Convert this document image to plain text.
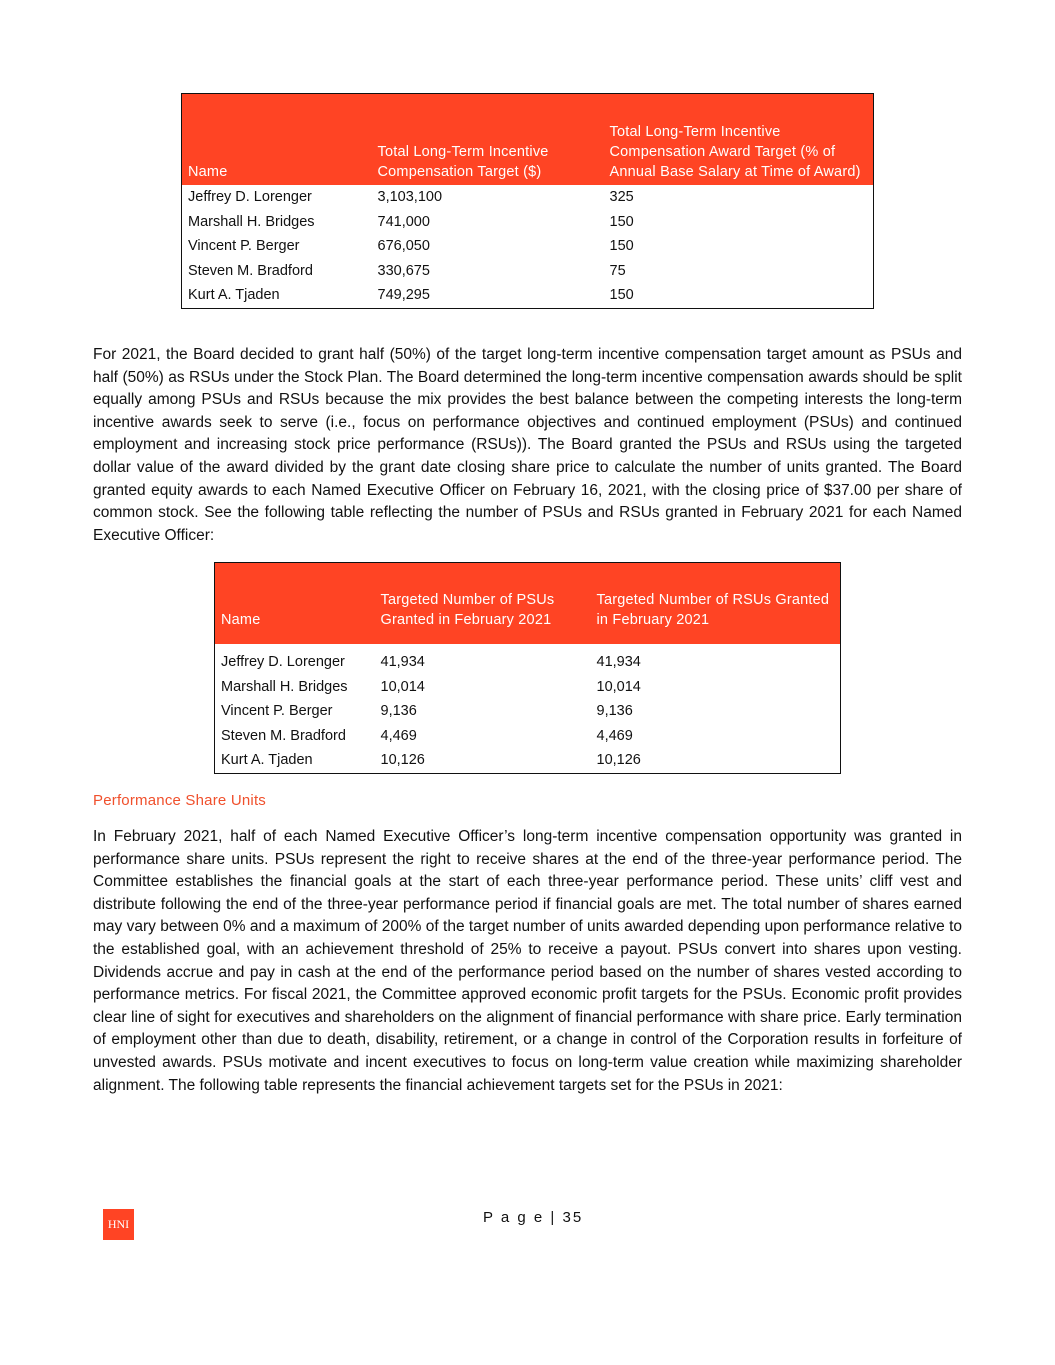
Name	Total Long-Term Incentive Compensation Target ($)	Total Long-Term Incentive Compensation Award Target (% of Annual Base Salary at Time of Award)
Jeffrey D. Lorenger	3,103,100	325
Marshall H. Bridges	741,000	150
Vincent P. Berger	676,050	150
Steven M. Bradford	330,675	75
Kurt A. Tjaden	749,295	150

For 2021, the Board decided to grant half (50%) of the target long-term incentive compensation target amount as PSUs and half (50%) as RSUs under the Stock Plan. The Board determined the long-term incentive compensation awards should be split equally among PSUs and RSUs because the mix provides the best balance between the competing interests the long-term incentive awards seek to serve (i.e., focus on performance objectives and continued employment (PSUs) and continued employment and increasing stock price performance (RSUs)). The Board granted the PSUs and RSUs using the targeted dollar value of the award divided by the grant date closing share price to calculate the number of units granted. The Board granted equity awards to each Named Executive Officer on February 16, 2021, with the closing price of $37.00 per share of common stock. See the following table reflecting the number of PSUs and RSUs granted in February 2021 for each Named Executive Officer:

Name	Targeted Number of PSUs Granted in February 2021	Targeted Number of RSUs Granted in February 2021
Jeffrey D. Lorenger	41,934	41,934
Marshall H. Bridges	10,014	10,014
Vincent P. Berger	9,136	9,136
Steven M. Bradford	4,469	4,469
Kurt A. Tjaden	10,126	10,126
Performance Share Units

In February 2021, half of each Named Executive Officer’s long-term incentive compensation opportunity was granted in performance share units. PSUs represent the right to receive shares at the end of the three-year performance period. The Committee establishes the financial goals at the start of each three-year performance period. These units’ cliff vest and distribute following the end of the three-year performance period if financial goals are met. The total number of shares earned may vary between 0% and a maximum of 200% of the target number of units awarded depending upon performance relative to the established goal, with an achievement threshold of 25% to receive a payout. PSUs convert into shares upon vesting. Dividends accrue and pay in cash at the end of the performance period based on the number of shares vested according to performance metrics. For fiscal 2021, the Committee approved economic profit targets for the PSUs. Economic profit provides clear line of sight for executives and shareholders on the alignment of financial performance with share price. Early termination of employment other than due to death, disability, retirement, or a change in control of the Corporation results in forfeiture of unvested awards. PSUs motivate and incent executives to focus on long-term value creation while maximizing shareholder alignment. The following table represents the financial achievement targets set for the PSUs in 2021:

HNI	P a g e | 35
